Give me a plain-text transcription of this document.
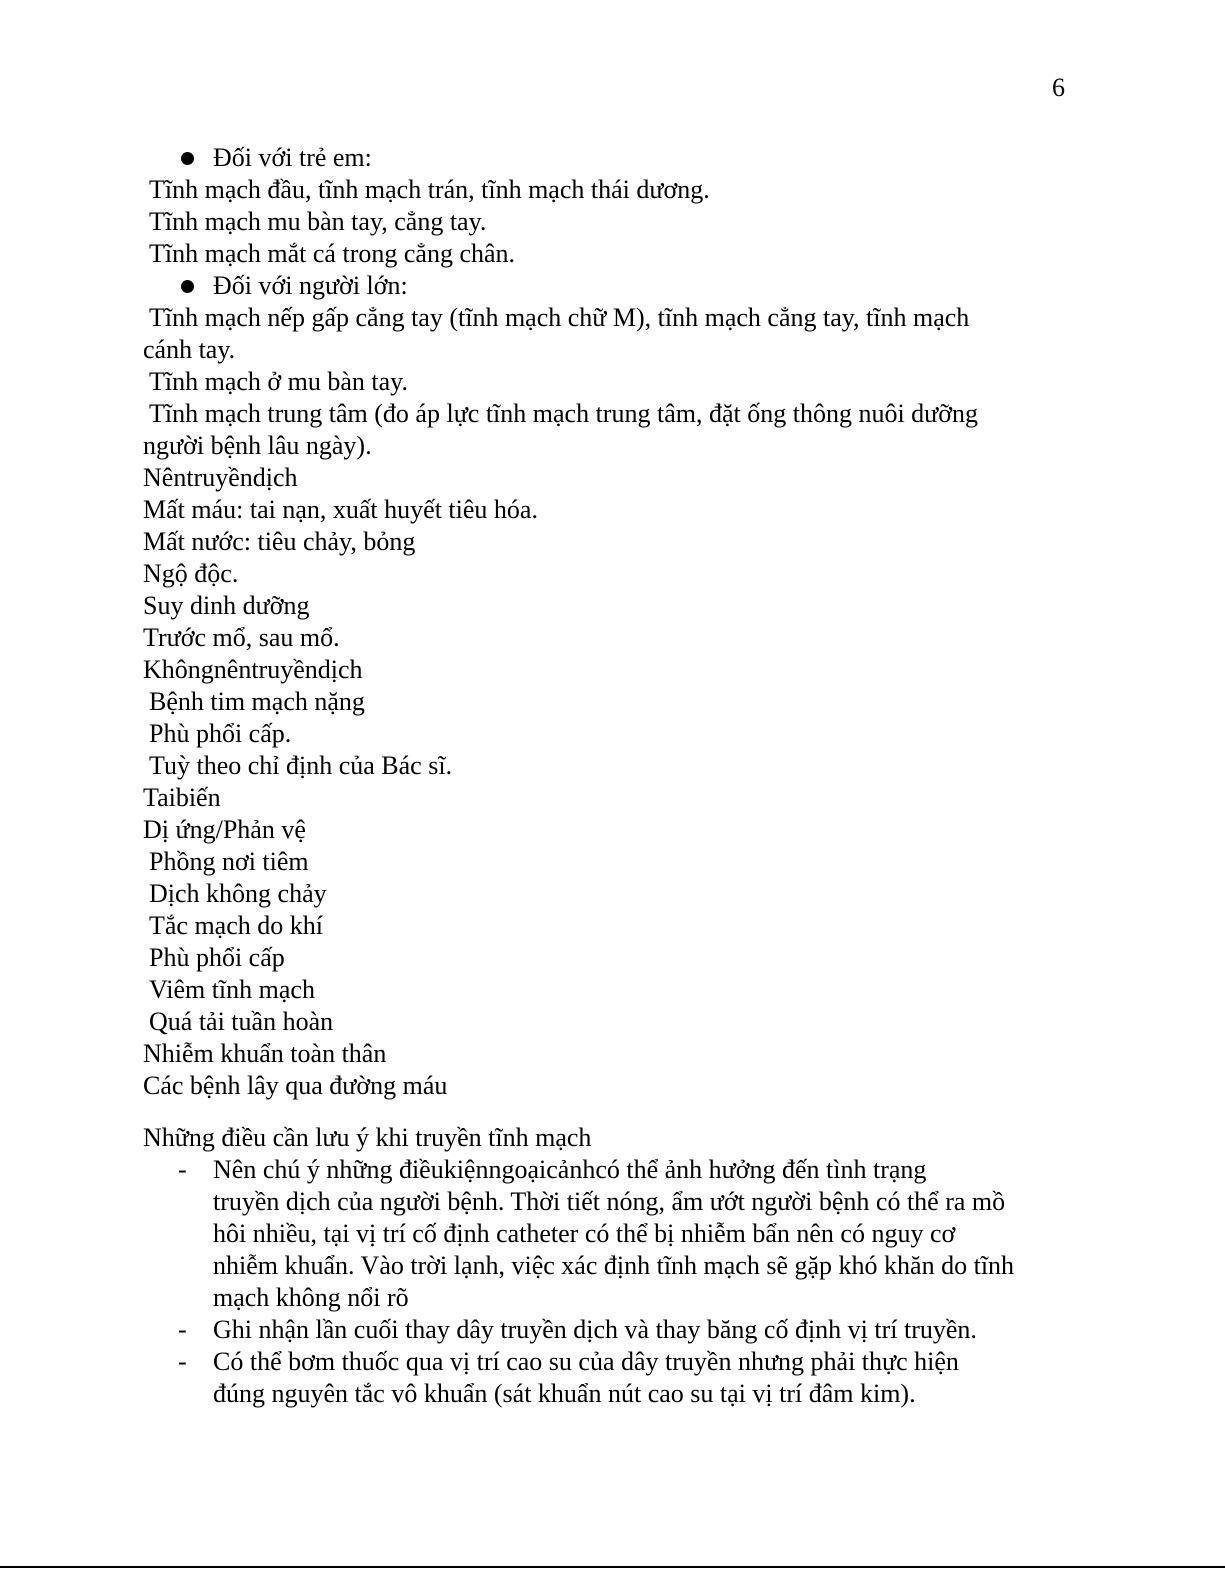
6

Đối với trẻ em:

Tĩnh mạch đầu, tĩnh mạch trán, tĩnh mạch thái dương.

Tĩnh mạch mu bàn tay, cẳng tay.

Tĩnh mạch mắt cá trong cẳng chân.

Đối với người lớn:

Tĩnh mạch nếp gấp cẳng tay (tĩnh mạch chữ M), tĩnh mạch cẳng tay, tĩnh mạch

cánh tay.

Tĩnh mạch ở mu bàn tay.

Tĩnh mạch trung tâm (đo áp lực tĩnh mạch trung tâm, đặt ống thông nuôi dưỡng

người bệnh lâu ngày).

Nêntruyềndịch

Mất máu: tai nạn, xuất huyết tiêu hóa.

Mất nước: tiêu chảy, bỏng

Ngộ độc.

Suy dinh dưỡng

Trước mổ, sau mổ.

Khôngnêntruyềndịch

Bệnh tim mạch nặng

Phù phổi cấp.

Tuỳ theo chỉ định của Bác sĩ.

Taibiến

Dị ứng/Phản vệ

Phồng nơi tiêm

Dịch không chảy

Tắc mạch do khí

Phù phổi cấp

Viêm tĩnh mạch

Quá tải tuần hoàn

Nhiễm khuẩn toàn thân

Các bệnh lây qua đường máu

Những điều cần lưu ý khi truyền tĩnh mạch

- Nên chú ý những điềukiệnngoạicảnhcó thể ảnh hưởng đến tình trạng

truyền dịch của người bệnh. Thời tiết nóng, ẩm ướt người bệnh có thể ra mồ

hôi nhiều, tại vị trí cố định catheter có thể bị nhiễm bẩn nên có nguy cơ

nhiễm khuẩn. Vào trời lạnh, việc xác định tĩnh mạch sẽ gặp khó khăn do tĩnh

mạch không nổi rõ

- Ghi nhận lần cuối thay dây truyền dịch và thay băng cố định vị trí truyền.

- Có thể bơm thuốc qua vị trí cao su của dây truyền nhưng phải thực hiện

đúng nguyên tắc vô khuẩn (sát khuẩn nút cao su tại vị trí đâm kim).
